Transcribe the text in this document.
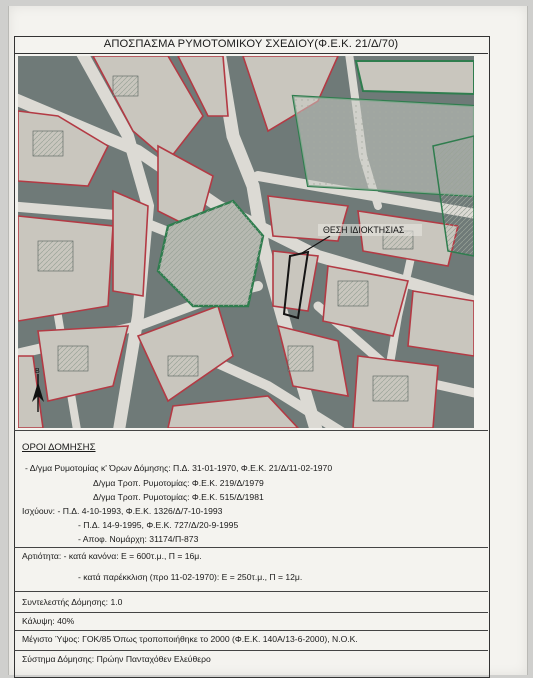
ΑΠΟΣΠΑΣΜΑ ΡΥΜΟΤΟΜΙΚΟΥ ΣΧΕΔΙΟΥ(Φ.Ε.Κ. 21/Δ/70)
ΘΕΣΗ ΙΔΙΟΚΤΗΣΙΑΣ
Β
ΟΡΟΙ ΔΟΜΗΣΗΣ
- Δ/γμα Ρυμοτομίας κ' Όρων Δόμησης: Π.Δ. 31-01-1970, Φ.Ε.Κ. 21/Δ/11-02-1970
Δ/γμα Τροπ. Ρυμοτομίας: Φ.Ε.Κ. 219/Δ/1979
Δ/γμα Τροπ. Ρυμοτομίας: Φ.Ε.Κ. 515/Δ/1981
Ισχύουν: - Π.Δ. 4-10-1993, Φ.Ε.Κ. 1326/Δ/7-10-1993
- Π.Δ. 14-9-1995, Φ.Ε.Κ. 727/Δ/20-9-1995
- Αποφ. Νομάρχη: 31174/Π-873
Αρτιότητα: - κατά κανόνα: Ε = 600τ.μ., Π = 16μ.
- κατά παρέκκλιση (προ 11-02-1970): Ε = 250τ.μ., Π = 12μ.
Συντελεστής Δόμησης: 1.0
Κάλυψη: 40%
Μέγιστο Ύψος: ΓΟΚ/85 Όπως τροποποιήθηκε το 2000 (Φ.Ε.Κ. 140Α/13-6-2000), Ν.Ο.Κ.
Σύστημα Δόμησης: Πρώην Πανταχόθεν Ελεύθερο
